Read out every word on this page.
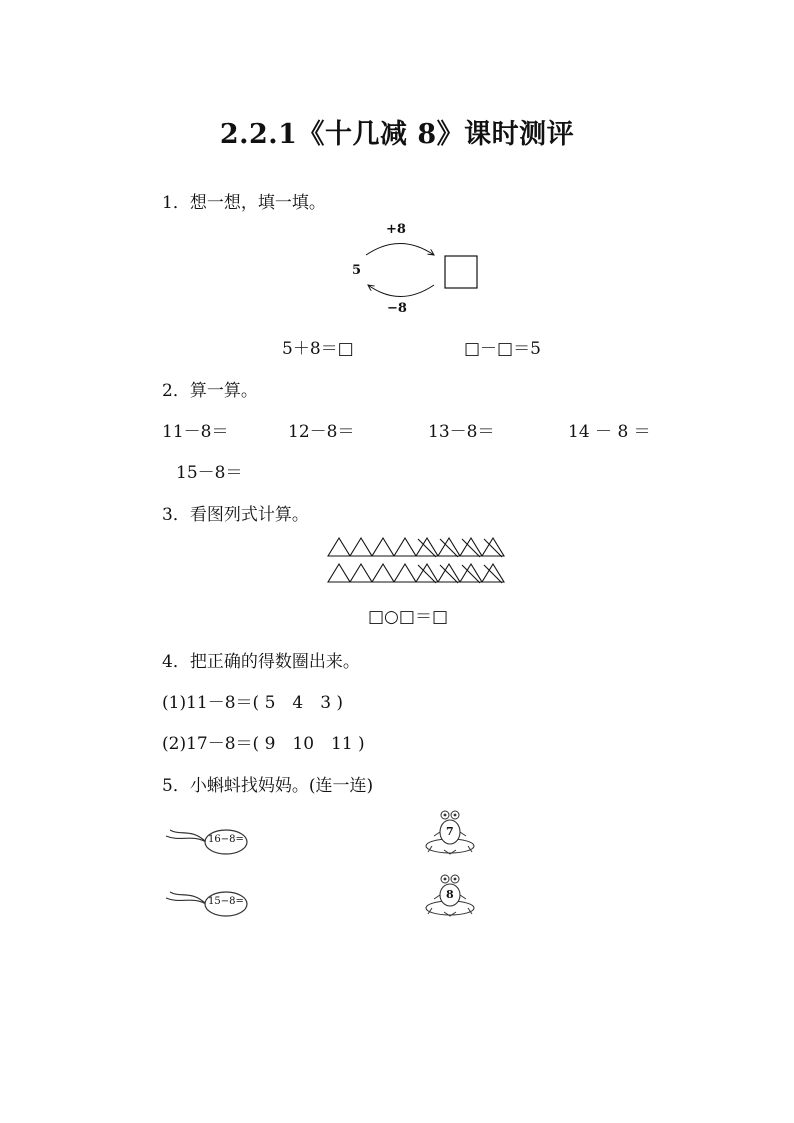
2.2.1《十几减 8》课时测评
1．想一想，填一填。
+8
5
−8
5＋8＝□	□－□＝5
2．算一算。
11－8＝	12－8＝	13－8＝	14 － 8 ＝
15－8＝
3．看图列式计算。
□○□＝□
4．把正确的得数圈出来。
(1)11－8＝( 5　4　3 )
(2)17－8＝( 9　10　11 )
5．小蝌蚪找妈妈。(连一连)
16−8=
15−8=
7
8
